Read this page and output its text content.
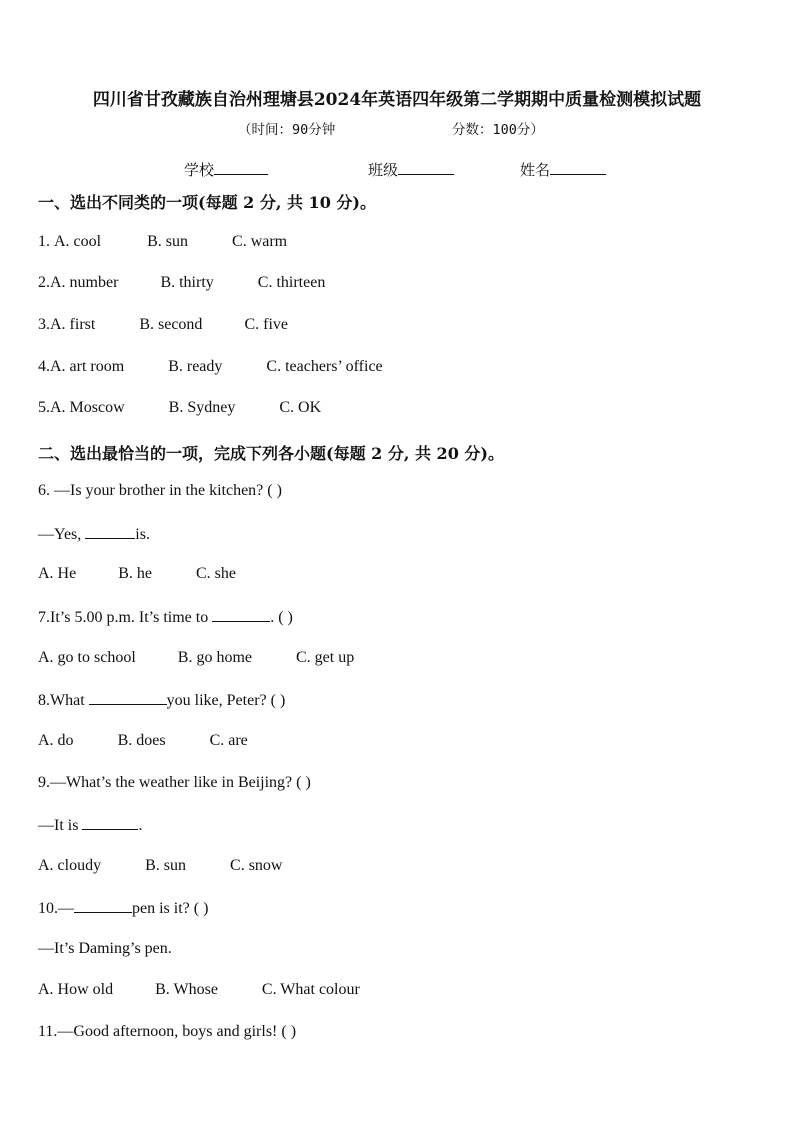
四川省甘孜藏族自治州理塘县2024年英语四年级第二学期期中质量检测模拟试题
（时间：90分钟	分数：100分）
学校	班级	姓名
一、选出不同类的一项(每题 2 分, 共 10 分)。
1. A. cool	B. sun	C. warm
2.A. number	B. thirty	C. thirteen
3.A. first	B. second	C. five
4.A. art room	B. ready	C. teachers’ office
5.A. Moscow	B. Sydney	C. OK
二、选出最恰当的一项，完成下列各小题(每题 2 分, 共 20 分)。
6. —Is your brother in the kitchen? ( )
—Yes,	is.
A. He	B. he	C. she
7.It’s 5.00 p.m. It’s time to	. ( )
A. go to school	B. go home	C. get up
8.What	you like, Peter? ( )
A. do	B. does	C. are
9.—What’s the weather like in Beijing? ( )
—It is	.
A. cloudy	B. sun	C. snow
10.—	pen is it? ( )
—It’s Daming’s pen.
A. How old	B. Whose	C. What colour
11.—Good afternoon, boys and girls! ( )
